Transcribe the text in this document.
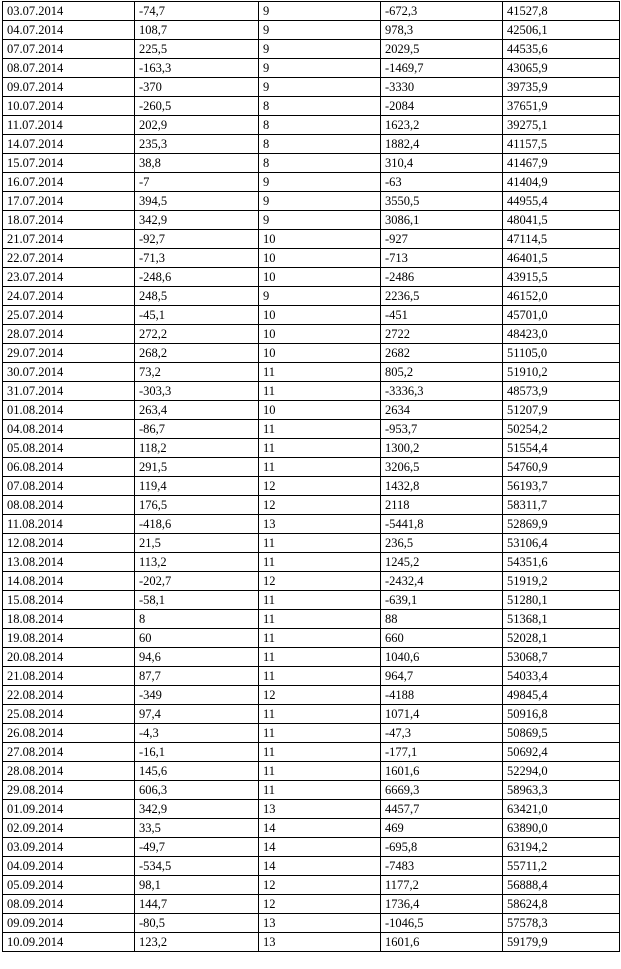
03.07.2014	-74,7	9	-672,3	41527,8
04.07.2014	108,7	9	978,3	42506,1
07.07.2014	225,5	9	2029,5	44535,6
08.07.2014	-163,3	9	-1469,7	43065,9
09.07.2014	-370	9	-3330	39735,9
10.07.2014	-260,5	8	-2084	37651,9
11.07.2014	202,9	8	1623,2	39275,1
14.07.2014	235,3	8	1882,4	41157,5
15.07.2014	38,8	8	310,4	41467,9
16.07.2014	-7	9	-63	41404,9
17.07.2014	394,5	9	3550,5	44955,4
18.07.2014	342,9	9	3086,1	48041,5
21.07.2014	-92,7	10	-927	47114,5
22.07.2014	-71,3	10	-713	46401,5
23.07.2014	-248,6	10	-2486	43915,5
24.07.2014	248,5	9	2236,5	46152,0
25.07.2014	-45,1	10	-451	45701,0
28.07.2014	272,2	10	2722	48423,0
29.07.2014	268,2	10	2682	51105,0
30.07.2014	73,2	11	805,2	51910,2
31.07.2014	-303,3	11	-3336,3	48573,9
01.08.2014	263,4	10	2634	51207,9
04.08.2014	-86,7	11	-953,7	50254,2
05.08.2014	118,2	11	1300,2	51554,4
06.08.2014	291,5	11	3206,5	54760,9
07.08.2014	119,4	12	1432,8	56193,7
08.08.2014	176,5	12	2118	58311,7
11.08.2014	-418,6	13	-5441,8	52869,9
12.08.2014	21,5	11	236,5	53106,4
13.08.2014	113,2	11	1245,2	54351,6
14.08.2014	-202,7	12	-2432,4	51919,2
15.08.2014	-58,1	11	-639,1	51280,1
18.08.2014	8	11	88	51368,1
19.08.2014	60	11	660	52028,1
20.08.2014	94,6	11	1040,6	53068,7
21.08.2014	87,7	11	964,7	54033,4
22.08.2014	-349	12	-4188	49845,4
25.08.2014	97,4	11	1071,4	50916,8
26.08.2014	-4,3	11	-47,3	50869,5
27.08.2014	-16,1	11	-177,1	50692,4
28.08.2014	145,6	11	1601,6	52294,0
29.08.2014	606,3	11	6669,3	58963,3
01.09.2014	342,9	13	4457,7	63421,0
02.09.2014	33,5	14	469	63890,0
03.09.2014	-49,7	14	-695,8	63194,2
04.09.2014	-534,5	14	-7483	55711,2
05.09.2014	98,1	12	1177,2	56888,4
08.09.2014	144,7	12	1736,4	58624,8
09.09.2014	-80,5	13	-1046,5	57578,3
10.09.2014	123,2	13	1601,6	59179,9
